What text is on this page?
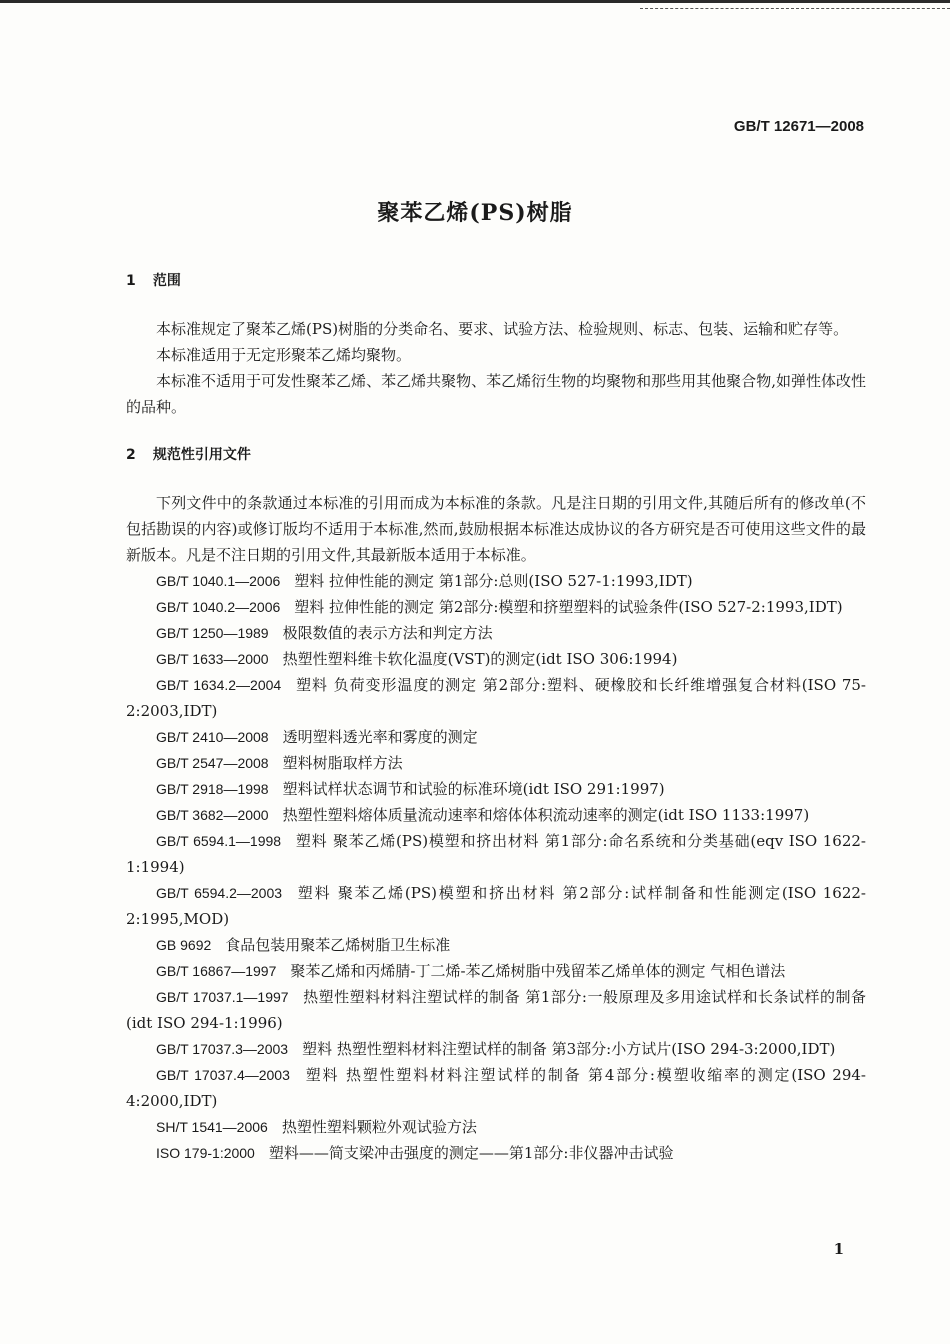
GB/T 12671—2008
聚苯乙烯(PS)树脂
1 范围

本标准规定了聚苯乙烯(PS)树脂的分类命名、要求、试验方法、检验规则、标志、包装、运输和贮存等。

本标准适用于无定形聚苯乙烯均聚物。

本标准不适用于可发性聚苯乙烯、苯乙烯共聚物、苯乙烯衍生物的均聚物和那些用其他聚合物,如弹性体改性的品种。

2 规范性引用文件

下列文件中的条款通过本标准的引用而成为本标准的条款。凡是注日期的引用文件,其随后所有的修改单(不包括勘误的内容)或修订版均不适用于本标准,然而,鼓励根据本标准达成协议的各方研究是否可使用这些文件的最新版本。凡是不注日期的引用文件,其最新版本适用于本标准。

GB/T 1040.1—2006 塑料 拉伸性能的测定 第1部分:总则(ISO 527-1:1993,IDT)

GB/T 1040.2—2006 塑料 拉伸性能的测定 第2部分:模塑和挤塑塑料的试验条件(ISO 527-2:1993,IDT)

GB/T 1250—1989 极限数值的表示方法和判定方法

GB/T 1633—2000 热塑性塑料维卡软化温度(VST)的测定(idt ISO 306:1994)

GB/T 1634.2—2004 塑料 负荷变形温度的测定 第2部分:塑料、硬橡胶和长纤维增强复合材料(ISO 75-2:2003,IDT)

GB/T 2410—2008 透明塑料透光率和雾度的测定

GB/T 2547—2008 塑料树脂取样方法

GB/T 2918—1998 塑料试样状态调节和试验的标准环境(idt ISO 291:1997)

GB/T 3682—2000 热塑性塑料熔体质量流动速率和熔体体积流动速率的测定(idt ISO 1133:1997)

GB/T 6594.1—1998 塑料 聚苯乙烯(PS)模塑和挤出材料 第1部分:命名系统和分类基础(eqv ISO 1622-1:1994)

GB/T 6594.2—2003 塑料 聚苯乙烯(PS)模塑和挤出材料 第2部分:试样制备和性能测定(ISO 1622-2:1995,MOD)

GB 9692 食品包装用聚苯乙烯树脂卫生标准

GB/T 16867—1997 聚苯乙烯和丙烯腈-丁二烯-苯乙烯树脂中残留苯乙烯单体的测定 气相色谱法

GB/T 17037.1—1997 热塑性塑料材料注塑试样的制备 第1部分:一般原理及多用途试样和长条试样的制备(idt ISO 294-1:1996)

GB/T 17037.3—2003 塑料 热塑性塑料材料注塑试样的制备 第3部分:小方试片(ISO 294-3:2000,IDT)

GB/T 17037.4—2003 塑料 热塑性塑料材料注塑试样的制备 第4部分:模塑收缩率的测定(ISO 294-4:2000,IDT)

SH/T 1541—2006 热塑性塑料颗粒外观试验方法

ISO 179-1:2000 塑料——简支梁冲击强度的测定——第1部分:非仪器冲击试验

1
